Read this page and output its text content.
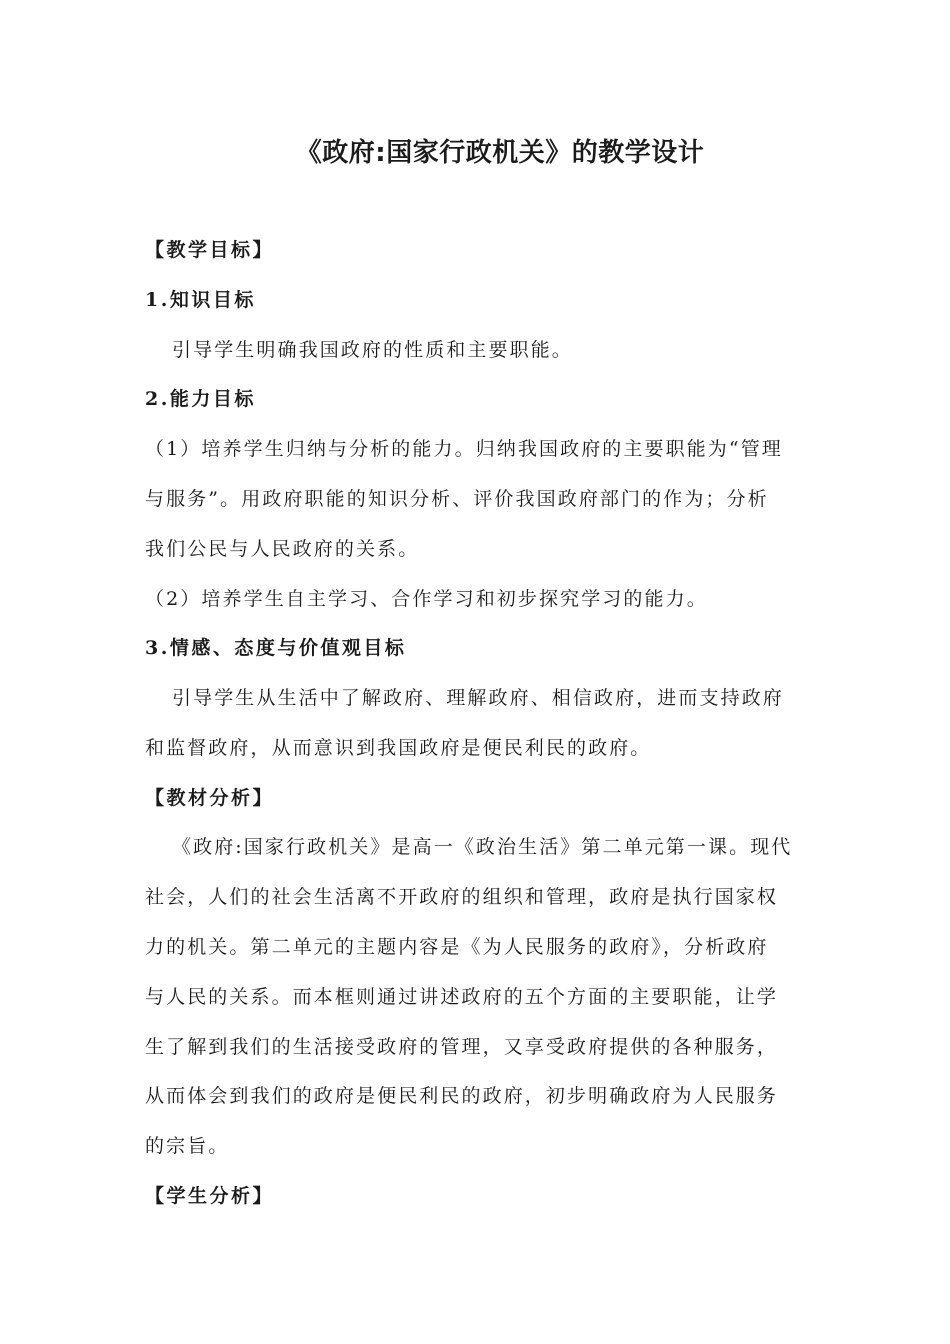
《政府:国家行政机关》的教学设计
【教学目标】
1.知识目标
引导学生明确我国政府的性质和主要职能。
2.能力目标
（1）培养学生归纳与分析的能力。归纳我国政府的主要职能为“管理
与服务”。用政府职能的知识分析、评价我国政府部门的作为；分析
我们公民与人民政府的关系。
（2）培养学生自主学习、合作学习和初步探究学习的能力。
3.情感、态度与价值观目标
引导学生从生活中了解政府、理解政府、相信政府，进而支持政府
和监督政府，从而意识到我国政府是便民利民的政府。
【教材分析】
《政府:国家行政机关》是高一《政治生活》第二单元第一课。现代
社会，人们的社会生活离不开政府的组织和管理，政府是执行国家权
力的机关。第二单元的主题内容是《为人民服务的政府》，分析政府
与人民的关系。而本框则通过讲述政府的五个方面的主要职能，让学
生了解到我们的生活接受政府的管理，又享受政府提供的各种服务，
从而体会到我们的政府是便民利民的政府，初步明确政府为人民服务
的宗旨。
【学生分析】
